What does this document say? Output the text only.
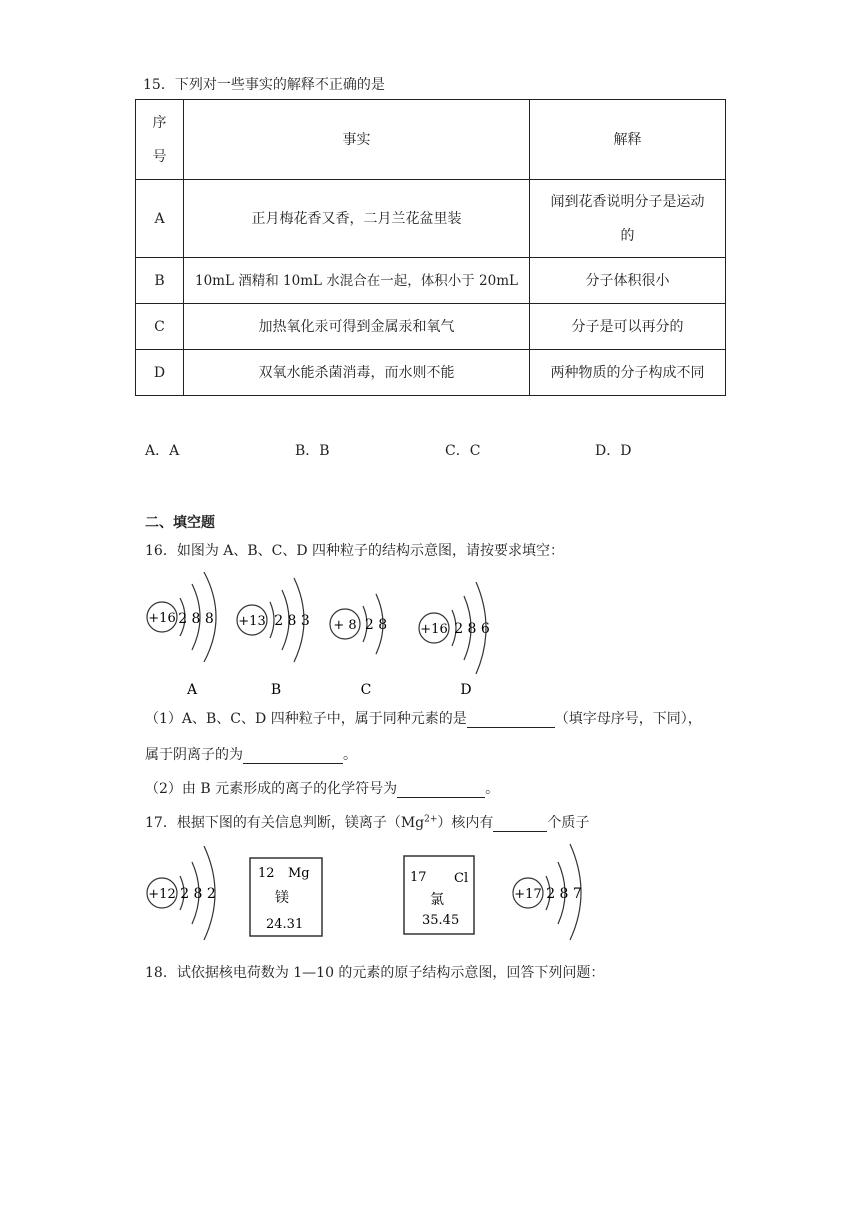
15．下列对一些事实的解释不正确的是
序
号	事实	解释
A	正月梅花香又香，二月兰花盆里装	闻到花香说明分子是运动
的

B	10mL 酒精和 10mL 水混合在一起，体积小于 20mL	分子体积很小
C	加热氧化汞可得到金属汞和氧气	分子是可以再分的
D	双氧水能杀菌消毒，而水则不能	两种物质的分子构成不同
A．A	B．B	C．C	D．D
二、填空题
16．如图为 A、B、C、D 四种粒子的结构示意图，请按要求填空：
+16 2 8 8
A
+13 2 8 3
B
+ 8 2 8
C
+16 2 8 6
D
（1）A、B、C、D 四种粒子中，属于同种元素的是	（填字母序号，下同），
属于阴离子的为	。
（2）由 B 元素形成的离子的化学符号为	。
17．根据下图的有关信息判断，镁离子$(Mg^{2+})$核内有	个质子
+12 2 8 2
12 Mg
镁
24.31
17 Cl
氯
35.45
+17 2 8 7
18．试依据核电荷数为 1—10 的元素的原子结构示意图，回答下列问题：
